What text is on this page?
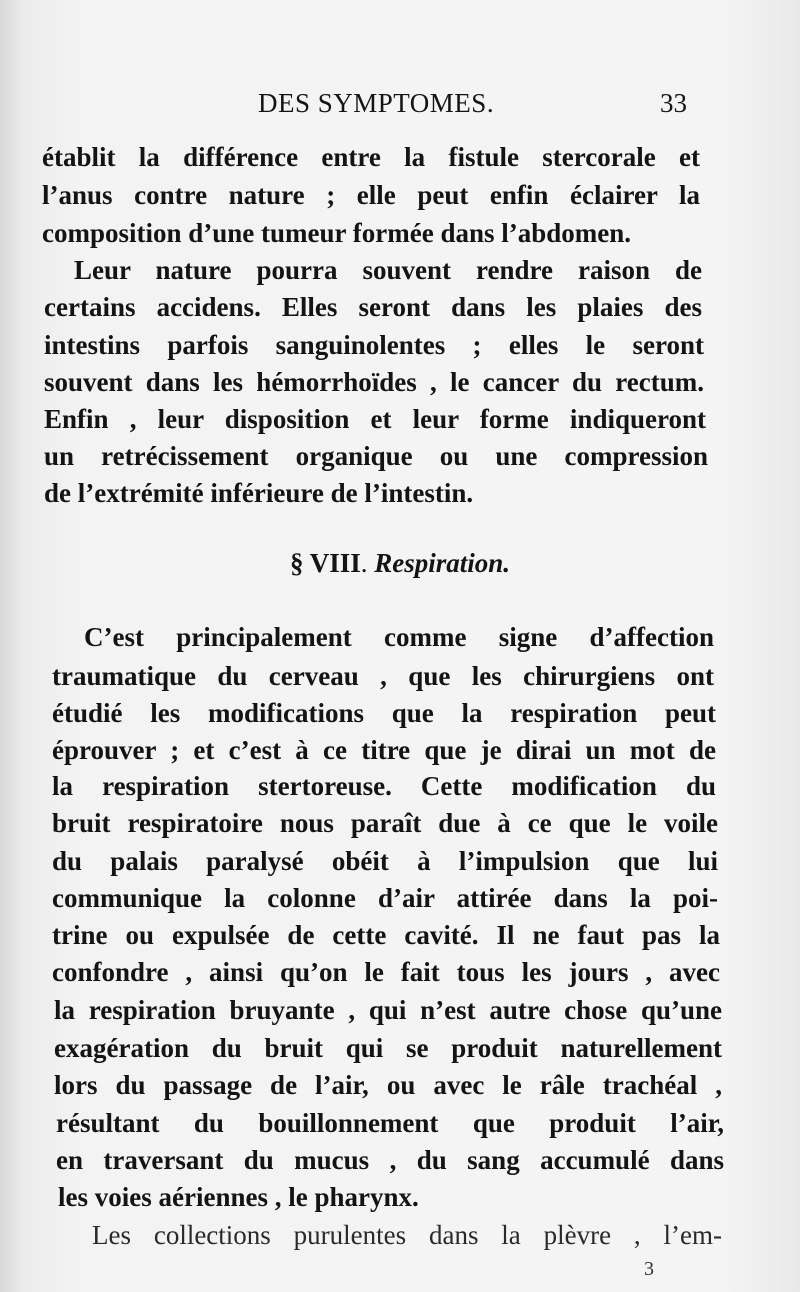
DES SYMPTOMES.	33
établit la différence entre la fistule stercorale et
l’anus contre nature ; elle peut enfin éclairer la
composition d’une tumeur formée dans l’abdomen.
Leur nature pourra souvent rendre raison de
certains accidens. Elles seront dans les plaies des
intestins parfois sanguinolentes ; elles le seront
souvent dans les hémorrhoïdes , le cancer du rectum.
Enfin , leur disposition et leur forme indiqueront
un retrécissement organique ou une compression
de l’extrémité inférieure de l’intestin.
§ VIII. Respiration.
C’est principalement comme signe d’affection
traumatique du cerveau , que les chirurgiens ont
étudié les modifications que la respiration peut
éprouver ; et c’est à ce titre que je dirai un mot de
la respiration stertoreuse. Cette modification du
bruit respiratoire nous paraît due à ce que le voile
du palais paralysé obéit à l’impulsion que lui
communique la colonne d’air attirée dans la poi-
trine ou expulsée de cette cavité. Il ne faut pas la
confondre , ainsi qu’on le fait tous les jours , avec
la respiration bruyante , qui n’est autre chose qu’une
exagération du bruit qui se produit naturellement
lors du passage de l’air, ou avec le râle trachéal ,
résultant du bouillonnement que produit l’air,
en traversant du mucus , du sang accumulé dans
les voies aériennes , le pharynx.
Les collections purulentes dans la plèvre , l’em-
3
